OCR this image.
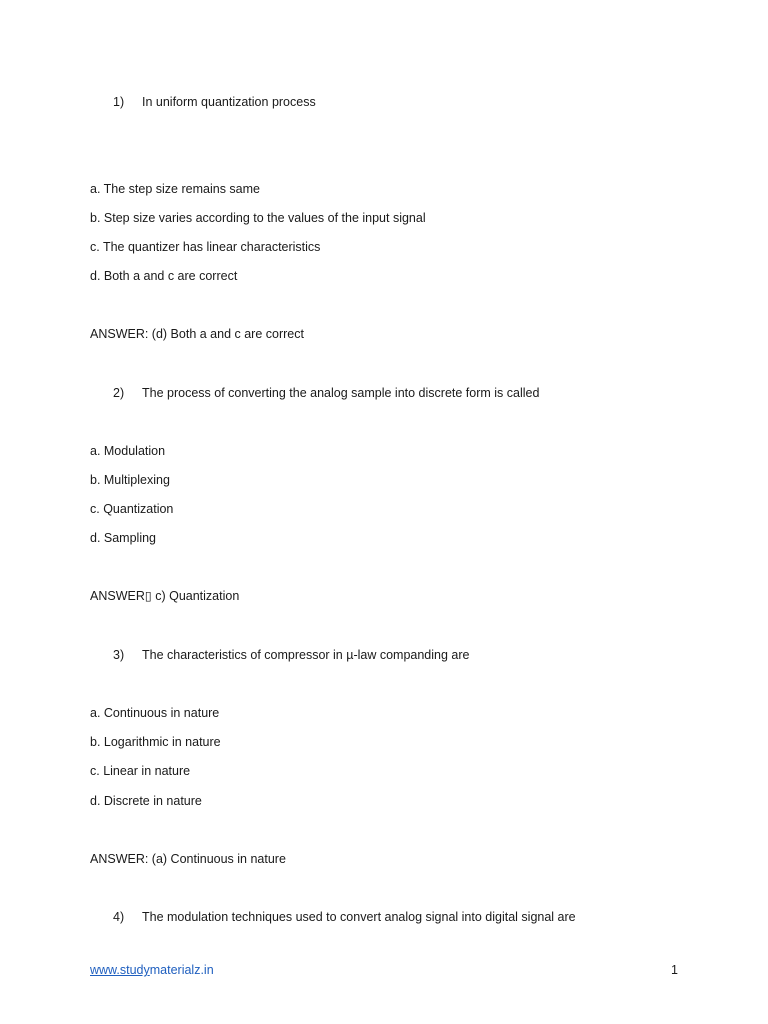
1) In uniform quantization process
a. The step size remains same
b. Step size varies according to the values of the input signal
c. The quantizer has linear characteristics
d. Both a and c are correct
ANSWER: (d) Both a and c are correct
2) The process of converting the analog sample into discrete form is called
a. Modulation
b. Multiplexing
c. Quantization
d. Sampling
ANSWER▯ c) Quantization
3) The characteristics of compressor in µ-law companding are
a. Continuous in nature
b. Logarithmic in nature
c. Linear in nature
d. Discrete in nature
ANSWER: (a) Continuous in nature
4) The modulation techniques used to convert analog signal into digital signal are
www.studymaterialz.in	1
